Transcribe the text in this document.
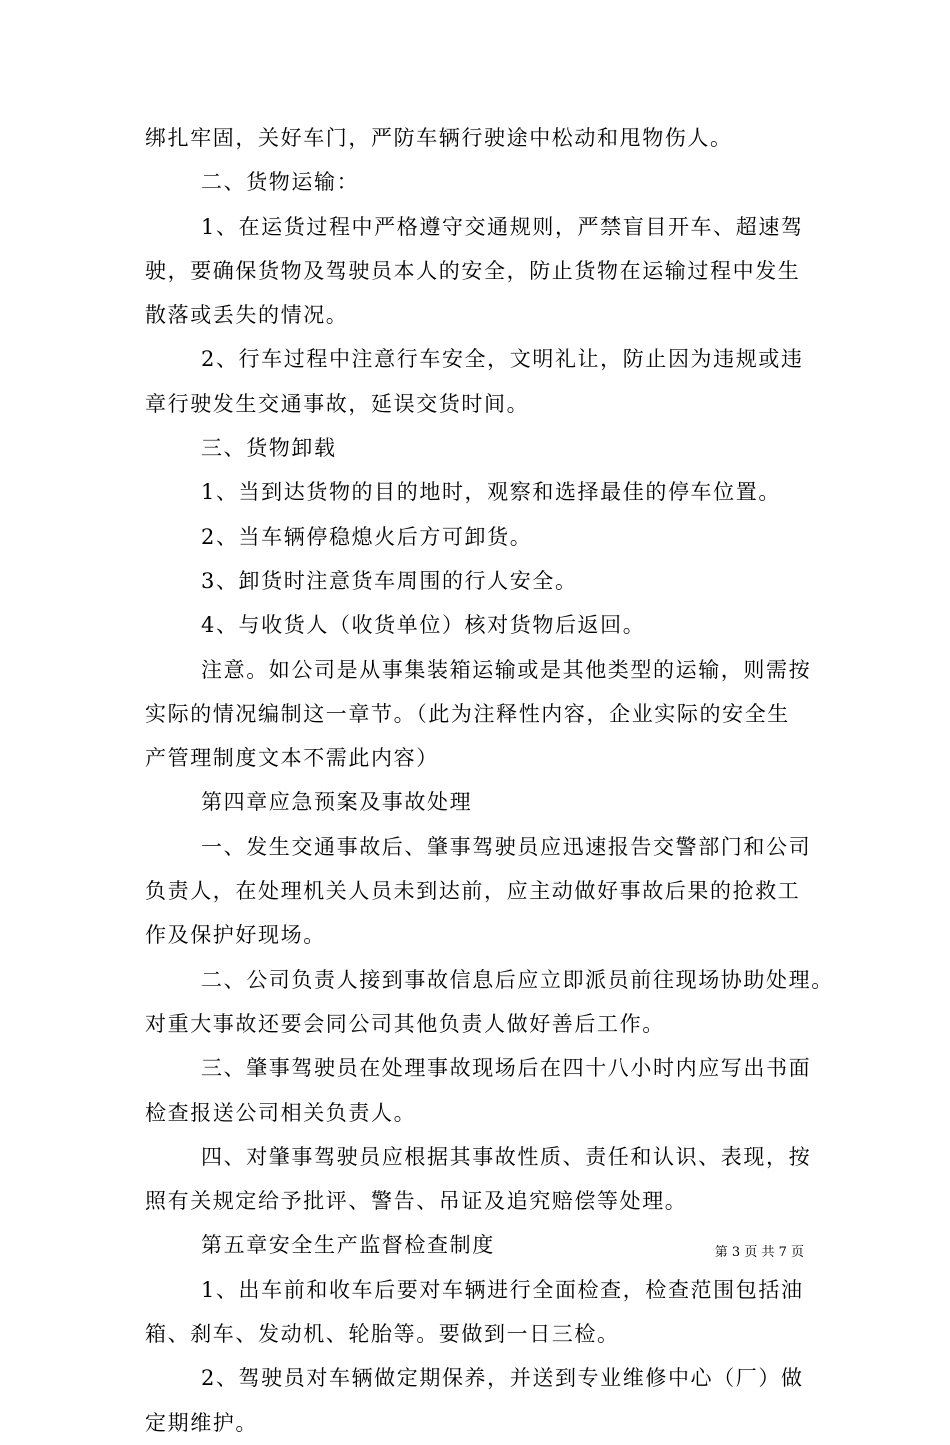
绑扎牢固，关好车门，严防车辆行驶途中松动和甩物伤人。

二、货物运输：

1、在运货过程中严格遵守交通规则，严禁盲目开车、超速驾

驶，要确保货物及驾驶员本人的安全，防止货物在运输过程中发生

散落或丢失的情况。

2、行车过程中注意行车安全，文明礼让，防止因为违规或违

章行驶发生交通事故，延误交货时间。

三、货物卸载

1、当到达货物的目的地时，观察和选择最佳的停车位置。

2、当车辆停稳熄火后方可卸货。

3、卸货时注意货车周围的行人安全。

4、与收货人（收货单位）核对货物后返回。

注意。如公司是从事集装箱运输或是其他类型的运输，则需按

实际的情况编制这一章节。（此为注释性内容，企业实际的安全生

产管理制度文本不需此内容）

第四章应急预案及事故处理

一、发生交通事故后、肇事驾驶员应迅速报告交警部门和公司

负责人，在处理机关人员未到达前，应主动做好事故后果的抢救工

作及保护好现场。

二、公司负责人接到事故信息后应立即派员前往现场协助处理。

对重大事故还要会同公司其他负责人做好善后工作。

三、肇事驾驶员在处理事故现场后在四十八小时内应写出书面

检查报送公司相关负责人。

四、对肇事驾驶员应根据其事故性质、责任和认识、表现，按

照有关规定给予批评、警告、吊证及追究赔偿等处理。

第五章安全生产监督检查制度

1、出车前和收车后要对车辆进行全面检查，检查范围包括油

箱、刹车、发动机、轮胎等。要做到一日三检。

2、驾驶员对车辆做定期保养，并送到专业维修中心（厂）做

定期维护。

第 3 页 共 7 页
